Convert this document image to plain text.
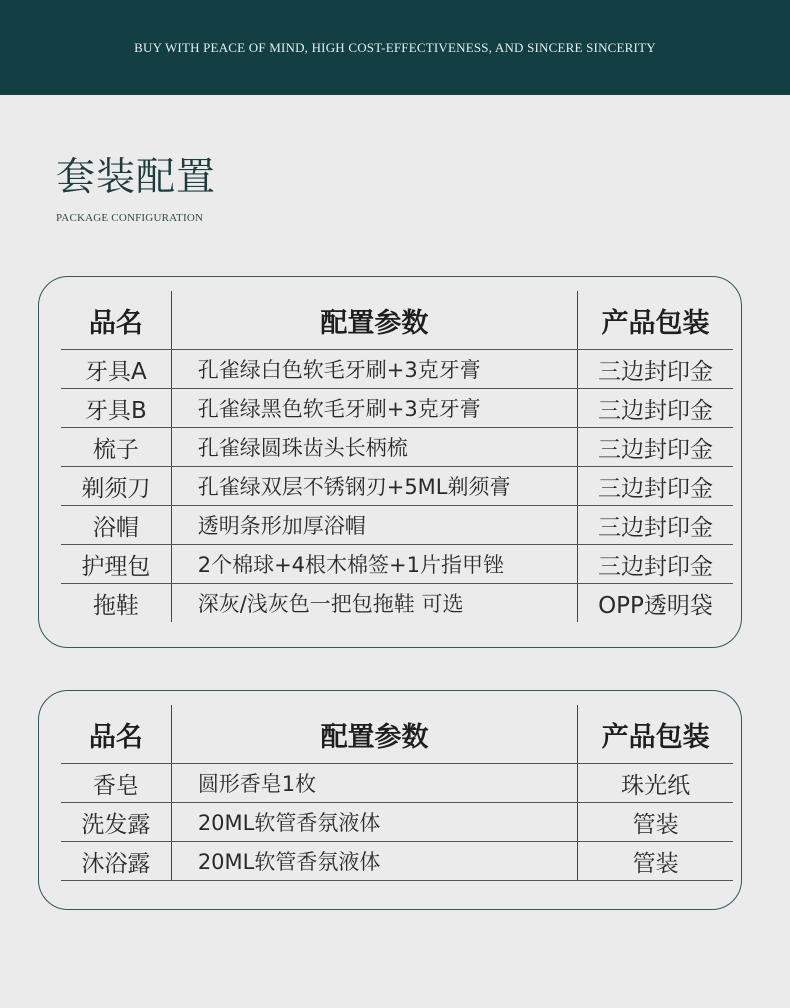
BUY WITH PEACE OF MIND, HIGH COST-EFFECTIVENESS, AND SINCERE SINCERITY
套装配置
PACKAGE CONFIGURATION
品名	配置参数	产品包装
牙具A	孔雀绿白色软毛牙刷+3克牙膏	三边封印金
牙具B	孔雀绿黑色软毛牙刷+3克牙膏	三边封印金
梳子	孔雀绿圆珠齿头长柄梳	三边封印金
剃须刀	孔雀绿双层不锈钢刃+5ML剃须膏	三边封印金
浴帽	透明条形加厚浴帽	三边封印金
护理包	2个棉球+4根木棉签+1片指甲锉	三边封印金
拖鞋	深灰/浅灰色一把包拖鞋 可选	OPP透明袋
品名	配置参数	产品包装
香皂	圆形香皂1枚	珠光纸
洗发露	20ML软管香氛液体	管装
沐浴露	20ML软管香氛液体	管装
